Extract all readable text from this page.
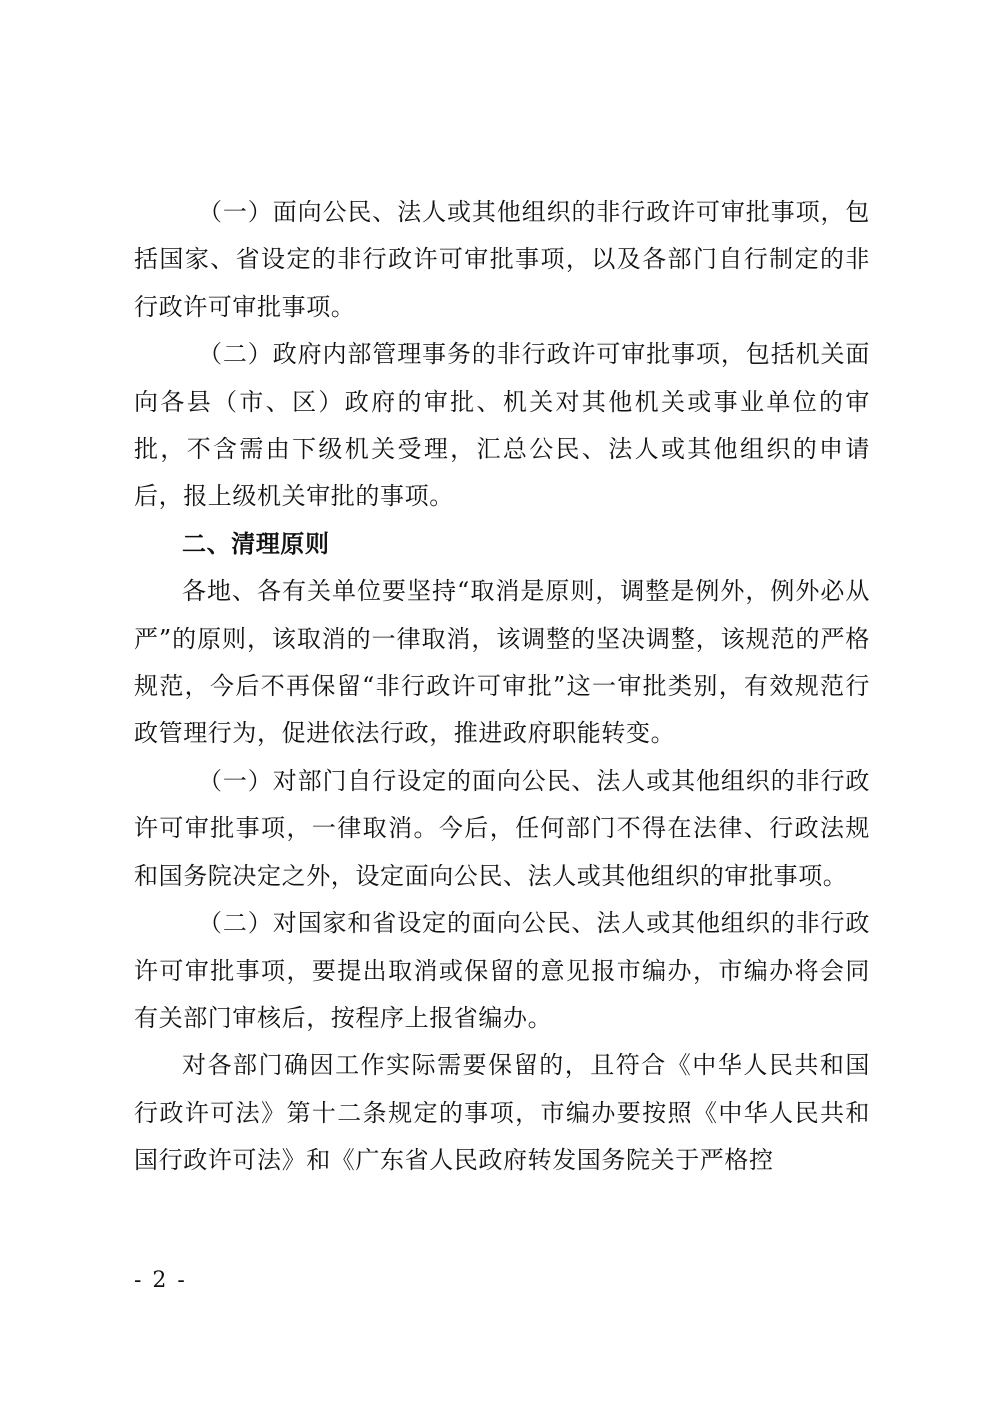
（一）面向公民、法人或其他组织的非行政许可审批事项，包括国家、省设定的非行政许可审批事项，以及各部门自行制定的非行政许可审批事项。

（二）政府内部管理事务的非行政许可审批事项，包括机关面向各县（市、区）政府的审批、机关对其他机关或事业单位的审批，不含需由下级机关受理，汇总公民、法人或其他组织的申请后，报上级机关审批的事项。

二、清理原则

各地、各有关单位要坚持“取消是原则，调整是例外，例外必从严”的原则，该取消的一律取消，该调整的坚决调整，该规范的严格规范，今后不再保留“非行政许可审批”这一审批类别，有效规范行政管理行为，促进依法行政，推进政府职能转变。

（一）对部门自行设定的面向公民、法人或其他组织的非行政许可审批事项，一律取消。今后，任何部门不得在法律、行政法规和国务院决定之外，设定面向公民、法人或其他组织的审批事项。

（二）对国家和省设定的面向公民、法人或其他组织的非行政许可审批事项，要提出取消或保留的意见报市编办，市编办将会同有关部门审核后，按程序上报省编办。

对各部门确因工作实际需要保留的，且符合《中华人民共和国行政许可法》第十二条规定的事项，市编办要按照《中华人民共和国行政许可法》和《广东省人民政府转发国务院关于严格控

- 2 -
